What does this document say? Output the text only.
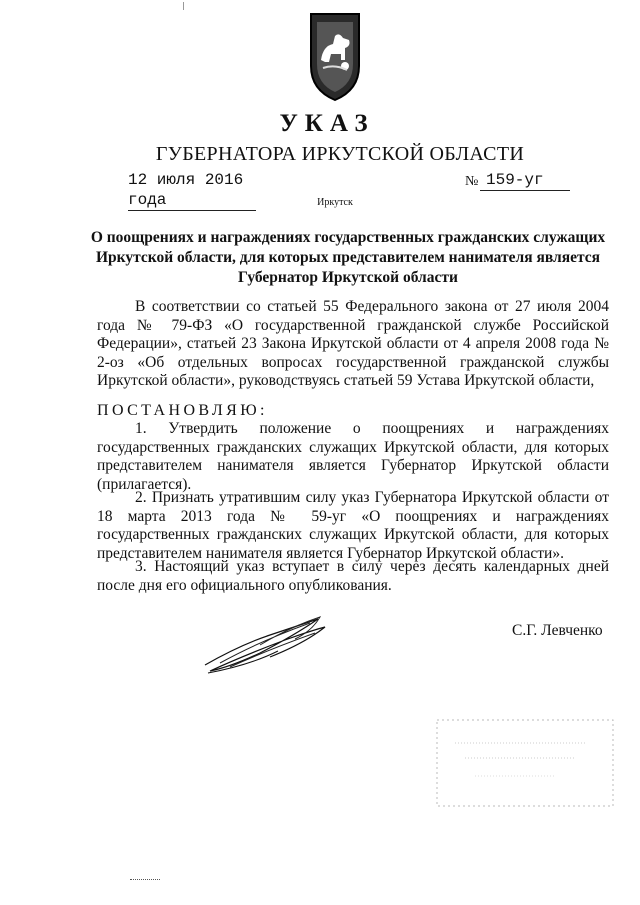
УКАЗ
ГУБЕРНАТОРА ИРКУТСКОЙ ОБЛАСТИ
12 июля 2016 года
№ 159-уг
Иркутск
О поощрениях и награждениях государственных гражданских служащих Иркутской области, для которых представителем нанимателя является Губернатор Иркутской области
В соответствии со статьей 55 Федерального закона от 27 июля 2004 года № 79-ФЗ «О государственной гражданской службе Российской Федерации», статьей 23 Закона Иркутской области от 4 апреля 2008 года № 2-оз «Об отдельных вопросах государственной гражданской службы Иркутской области», руководствуясь статьей 59 Устава Иркутской области,
ПОСТАНОВЛЯЮ:
1. Утвердить положение о поощрениях и награждениях государственных гражданских служащих Иркутской области, для которых представителем нанимателя является Губернатор Иркутской области (прилагается).
2. Признать утратившим силу указ Губернатора Иркутской области от 18 марта 2013 года № 59-уг «О поощрениях и награждениях государственных гражданских служащих Иркутской области, для которых представителем нанимателя является Губернатор Иркутской области».
3. Настоящий указ вступает в силу через десять календарных дней после дня его официального опубликования.
С.Г. Левченко
